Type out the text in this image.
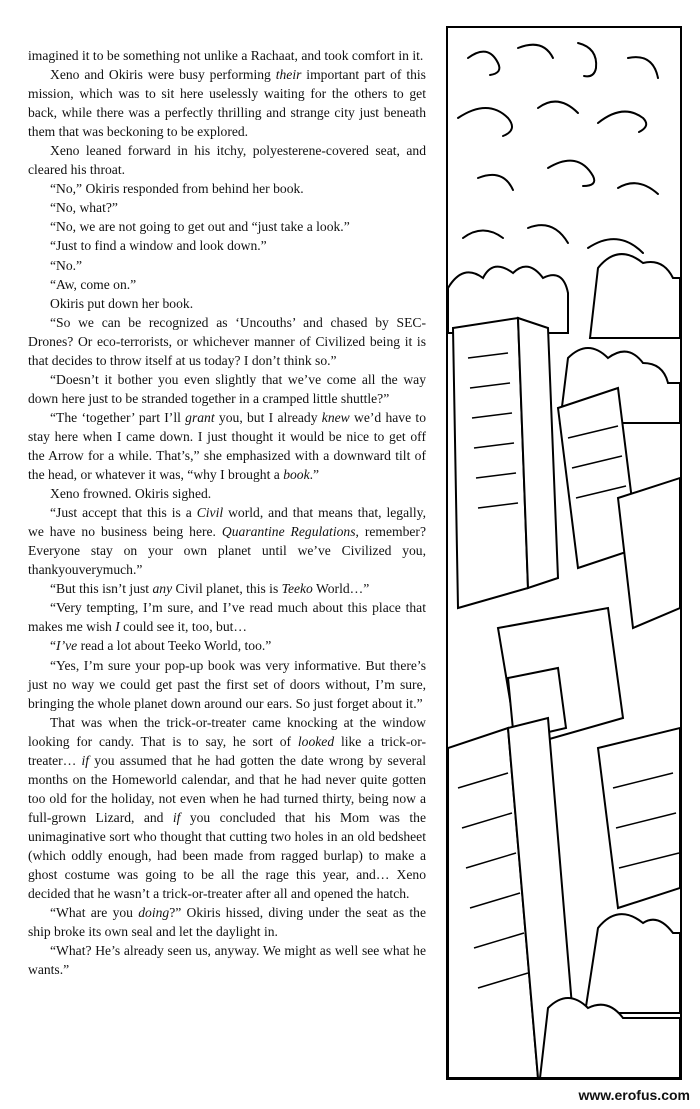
imagined it to be something not unlike a Rachaat, and took comfort in it.

Xeno and Okiris were busy performing their important part of this mission, which was to sit here uselessly waiting for the others to get back, while there was a perfectly thrilling and strange city just beneath them that was beckoning to be explored.

Xeno leaned forward in his itchy, polyesterene-covered seat, and cleared his throat.

“No,” Okiris responded from behind her book.

“No, what?”

“No, we are not going to get out and “just take a look.”

“Just to find a window and look down.”

“No.”

“Aw, come on.”

Okiris put down her book.

“So we can be recognized as ‘Uncouths’ and chased by SEC-Drones? Or eco-terrorists, or whichever manner of Civilized being it is that decides to throw itself at us today? I don’t think so.”

“Doesn’t it bother you even slightly that we’ve come all the way down here just to be stranded together in a cramped little shuttle?”

“The ‘together’ part I’ll grant you, but I already knew we’d have to stay here when I came down. I just thought it would be nice to get off the Arrow for a while. That’s,” she emphasized with a downward tilt of the head, or whatever it was, “why I brought a book.”

Xeno frowned. Okiris sighed.

“Just accept that this is a Civil world, and that means that, legally, we have no business being here. Quarantine Regulations, remember? Everyone stay on your own planet until we’ve Civilized you, thankyouverymuch.”

“But this isn’t just any Civil planet, this is Teeko World…”

“Very tempting, I’m sure, and I’ve read much about this place that makes me wish I could see it, too, but…

“I’ve read a lot about Teeko World, too.”

“Yes, I’m sure your pop-up book was very informative. But there’s just no way we could get past the first set of doors without, I’m sure, bringing the whole planet down around our ears. So just forget about it.”

That was when the trick-or-treater came knocking at the window looking for candy. That is to say, he sort of looked like a trick-or-treater… if you assumed that he had gotten the date wrong by several months on the Homeworld calendar, and that he had never quite gotten too old for the holiday, not even when he had turned thirty, being now a full-grown Lizard, and if you concluded that his Mom was the unimaginative sort who thought that cutting two holes in an old bedsheet (which oddly enough, had been made from ragged burlap) to make a ghost costume was going to be all the rage this year, and… Xeno decided that he wasn’t a trick-or-treater after all and opened the hatch.

“What are you doing?” Okiris hissed, diving under the seat as the ship broke its own seal and let the daylight in.

“What? He’s already seen us, anyway. We might as well see what he wants.”

www.erofus.com
